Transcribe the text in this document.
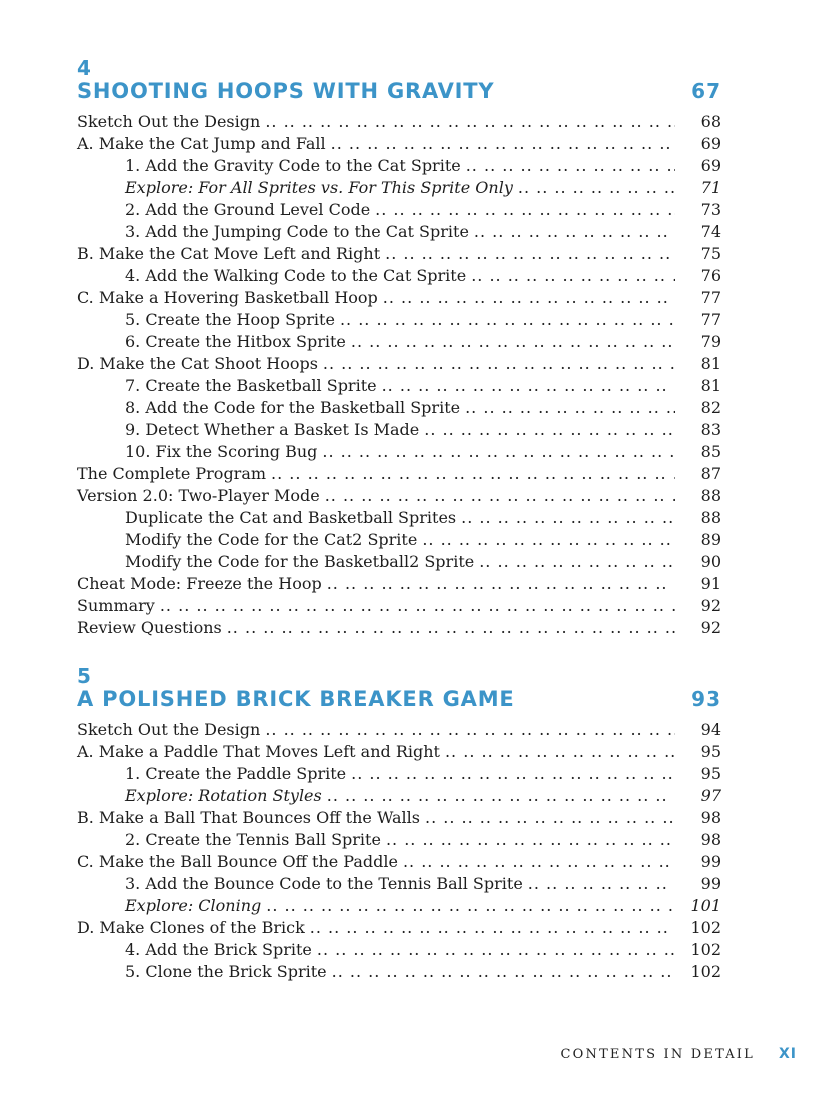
4
SHOOTING HOOPS WITH GRAVITY	67
Sketch Out the Design .. ..	68
A. Make the Cat Jump and Fall .. ..	69
1. Add the Gravity Code to the Cat Sprite .. ..	69
Explore: For All Sprites vs. For This Sprite Only .. ..	71
2. Add the Ground Level Code .. ..	73
3. Add the Jumping Code to the Cat Sprite .. ..	74
B. Make the Cat Move Left and Right .. ..	75
4. Add the Walking Code to the Cat Sprite .. ..	76
C. Make a Hovering Basketball Hoop .. ..	77
5. Create the Hoop Sprite .. ..	77
6. Create the Hitbox Sprite .. ..	79
D. Make the Cat Shoot Hoops .. ..	81
7. Create the Basketball Sprite .. ..	81
8. Add the Code for the Basketball Sprite .. ..	82
9. Detect Whether a Basket Is Made .. ..	83
10. Fix the Scoring Bug .. ..	85
The Complete Program .. ..	87
Version 2.0: Two-Player Mode .. ..	88
Duplicate the Cat and Basketball Sprites .. ..	88
Modify the Code for the Cat2 Sprite .. ..	89
Modify the Code for the Basketball2 Sprite .. ..	90
Cheat Mode: Freeze the Hoop .. ..	91
Summary .. ..	92
Review Questions .. ..	92
5
A POLISHED BRICK BREAKER GAME	93
Sketch Out the Design .. ..	94
A. Make a Paddle That Moves Left and Right .. ..	95
1. Create the Paddle Sprite .. ..	95
Explore: Rotation Styles .. ..	97
B. Make a Ball That Bounces Off the Walls .. ..	98
2. Create the Tennis Ball Sprite .. ..	98
C. Make the Ball Bounce Off the Paddle .. ..	99
3. Add the Bounce Code to the Tennis Ball Sprite .. ..	99
Explore: Cloning .. ..	101
D. Make Clones of the Brick .. ..	102
4. Add the Brick Sprite .. ..	102
5. Clone the Brick Sprite .. ..	102
CONTENTS IN DETAIL XI
